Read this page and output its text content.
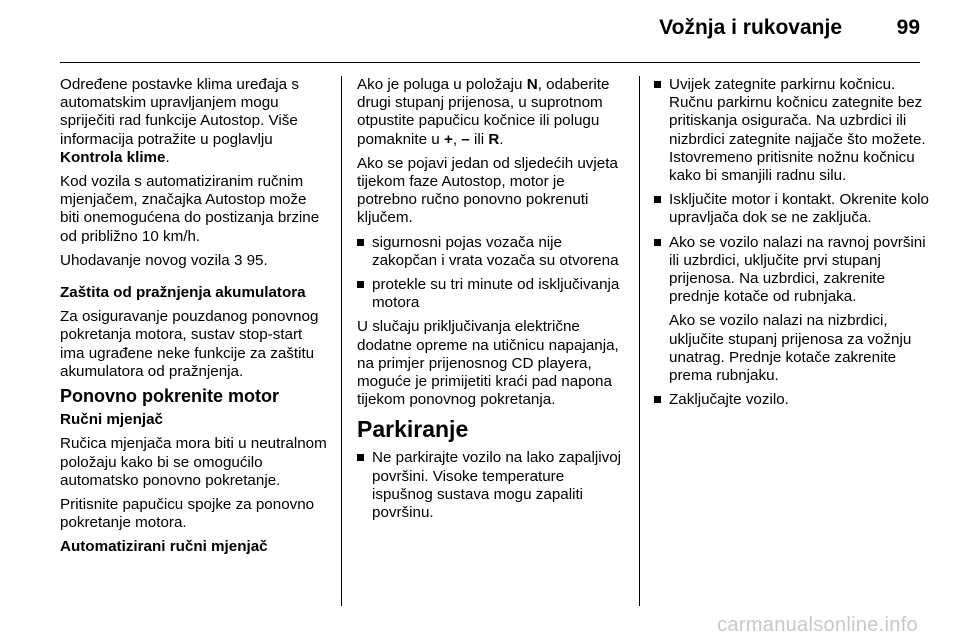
Vožnja i rukovanje	99

Određene postavke klima uređaja s automatskim upravljanjem mogu spriječiti rad funkcije Autostop. Više informacija potražite u poglavlju Kontrola klime.

Kod vozila s automatiziranim ručnim mjenjačem, značajka Autostop može biti onemogućena do postizanja brzine od približno 10 km/h.

Uhodavanje novog vozila 3 95.

Zaštita od pražnjenja akumulatora

Za osiguravanje pouzdanog ponovnog pokretanja motora, sustav stop-start ima ugrađene neke funkcije za zaštitu akumulatora od pražnjenja.

Ponovno pokrenite motor

Ručni mjenjač

Ručica mjenjača mora biti u neutralnom položaju kako bi se omogućilo automatsko ponovno pokretanje.

Pritisnite papučicu spojke za ponovno pokretanje motora.

Automatizirani ručni mjenjač

Ako je poluga u položaju N, odaberite drugi stupanj prijenosa, u suprotnom otpustite papučicu kočnice ili polugu pomaknite u +, – ili R.

Ako se pojavi jedan od sljedećih uvjeta tijekom faze Autostop, motor je potrebno ručno ponovno pokrenuti ključem.

sigurnosni pojas vozača nije zakopčan i vrata vozača su otvorena
protekle su tri minute od isključivanja motora

U slučaju priključivanja električne dodatne opreme na utičnicu napajanja, na primjer prijenosnog CD playera, moguće je primijetiti kraći pad napona tijekom ponovnog pokretanja.

Parkiranje

Ne parkirajte vozilo na lako zapaljivoj površini. Visoke temperature ispušnog sustava mogu zapaliti površinu.
Uvijek zategnite parkirnu kočnicu. Ručnu parkirnu kočnicu zategnite bez pritiskanja osigurača. Na uzbrdici ili nizbrdici zategnite najjače što možete. Istovremeno pritisnite nožnu kočnicu kako bi smanjili radnu silu.
Isključite motor i kontakt. Okrenite kolo upravljača dok se ne zaključa.
Ako se vozilo nalazi na ravnoj površini ili uzbrdici, uključite prvi stupanj prijenosa. Na uzbrdici, zakrenite prednje kotače od rubnjaka.

Ako se vozilo nalazi na nizbrdici, uključite stupanj prijenosa za vožnju unatrag. Prednje kotače zakrenite prema rubnjaku.

Zaključajte vozilo.
carmanualsonline.info
